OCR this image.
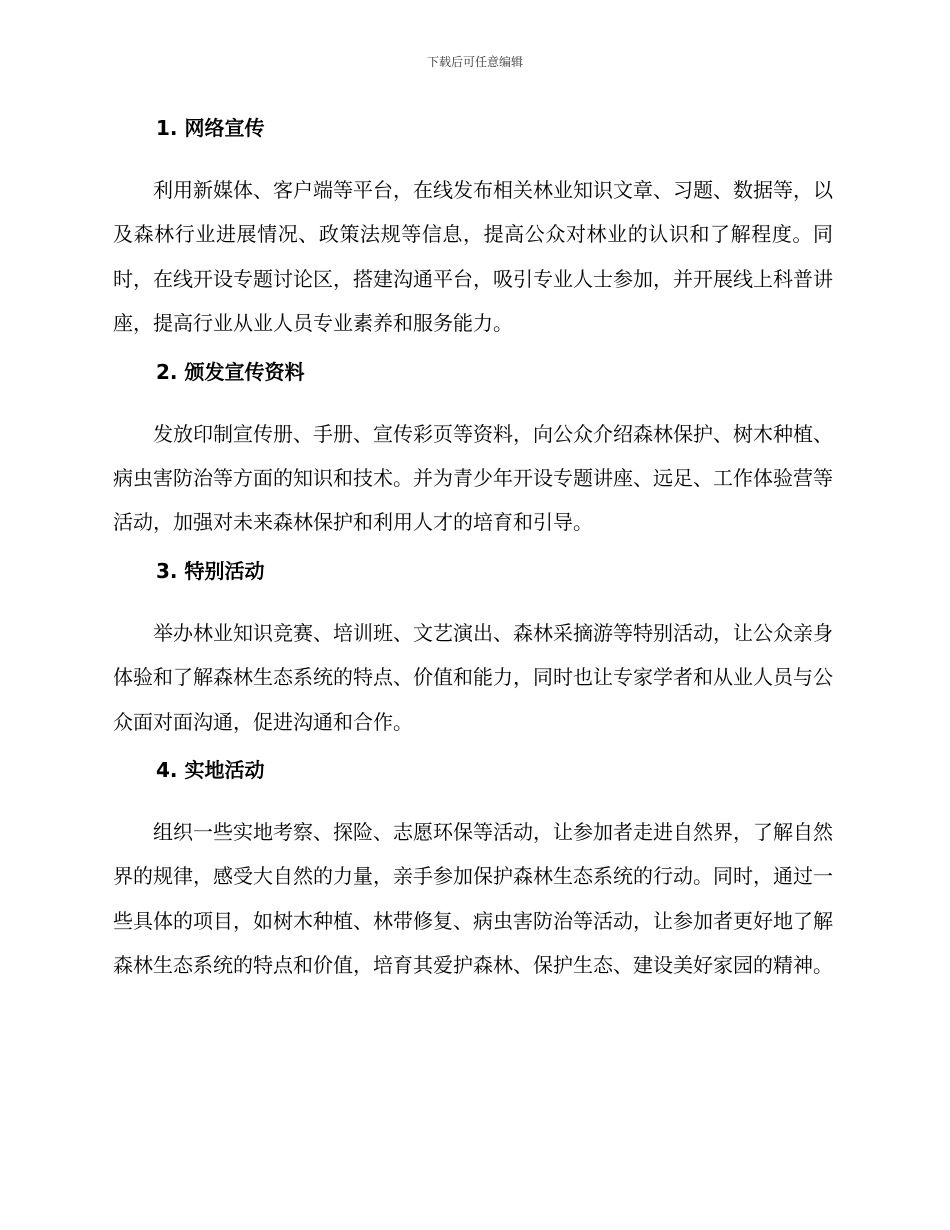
下载后可任意编辑
1. 网络宣传

利用新媒体、客户端等平台，在线发布相关林业知识文章、习题、数据等，以及森林行业进展情况、政策法规等信息，提高公众对林业的认识和了解程度。同时，在线开设专题讨论区，搭建沟通平台，吸引专业人士参加，并开展线上科普讲座，提高行业从业人员专业素养和服务能力。

2. 颁发宣传资料

发放印制宣传册、手册、宣传彩页等资料，向公众介绍森林保护、树木种植、病虫害防治等方面的知识和技术。并为青少年开设专题讲座、远足、工作体验营等活动，加强对未来森林保护和利用人才的培育和引导。

3. 特别活动

举办林业知识竞赛、培训班、文艺演出、森林采摘游等特别活动，让公众亲身体验和了解森林生态系统的特点、价值和能力，同时也让专家学者和从业人员与公众面对面沟通，促进沟通和合作。

4. 实地活动

组织一些实地考察、探险、志愿环保等活动，让参加者走进自然界，了解自然界的规律，感受大自然的力量，亲手参加保护森林生态系统的行动。同时，通过一些具体的项目，如树木种植、林带修复、病虫害防治等活动，让参加者更好地了解森林生态系统的特点和价值，培育其爱护森林、保护生态、建设美好家园的精神。
